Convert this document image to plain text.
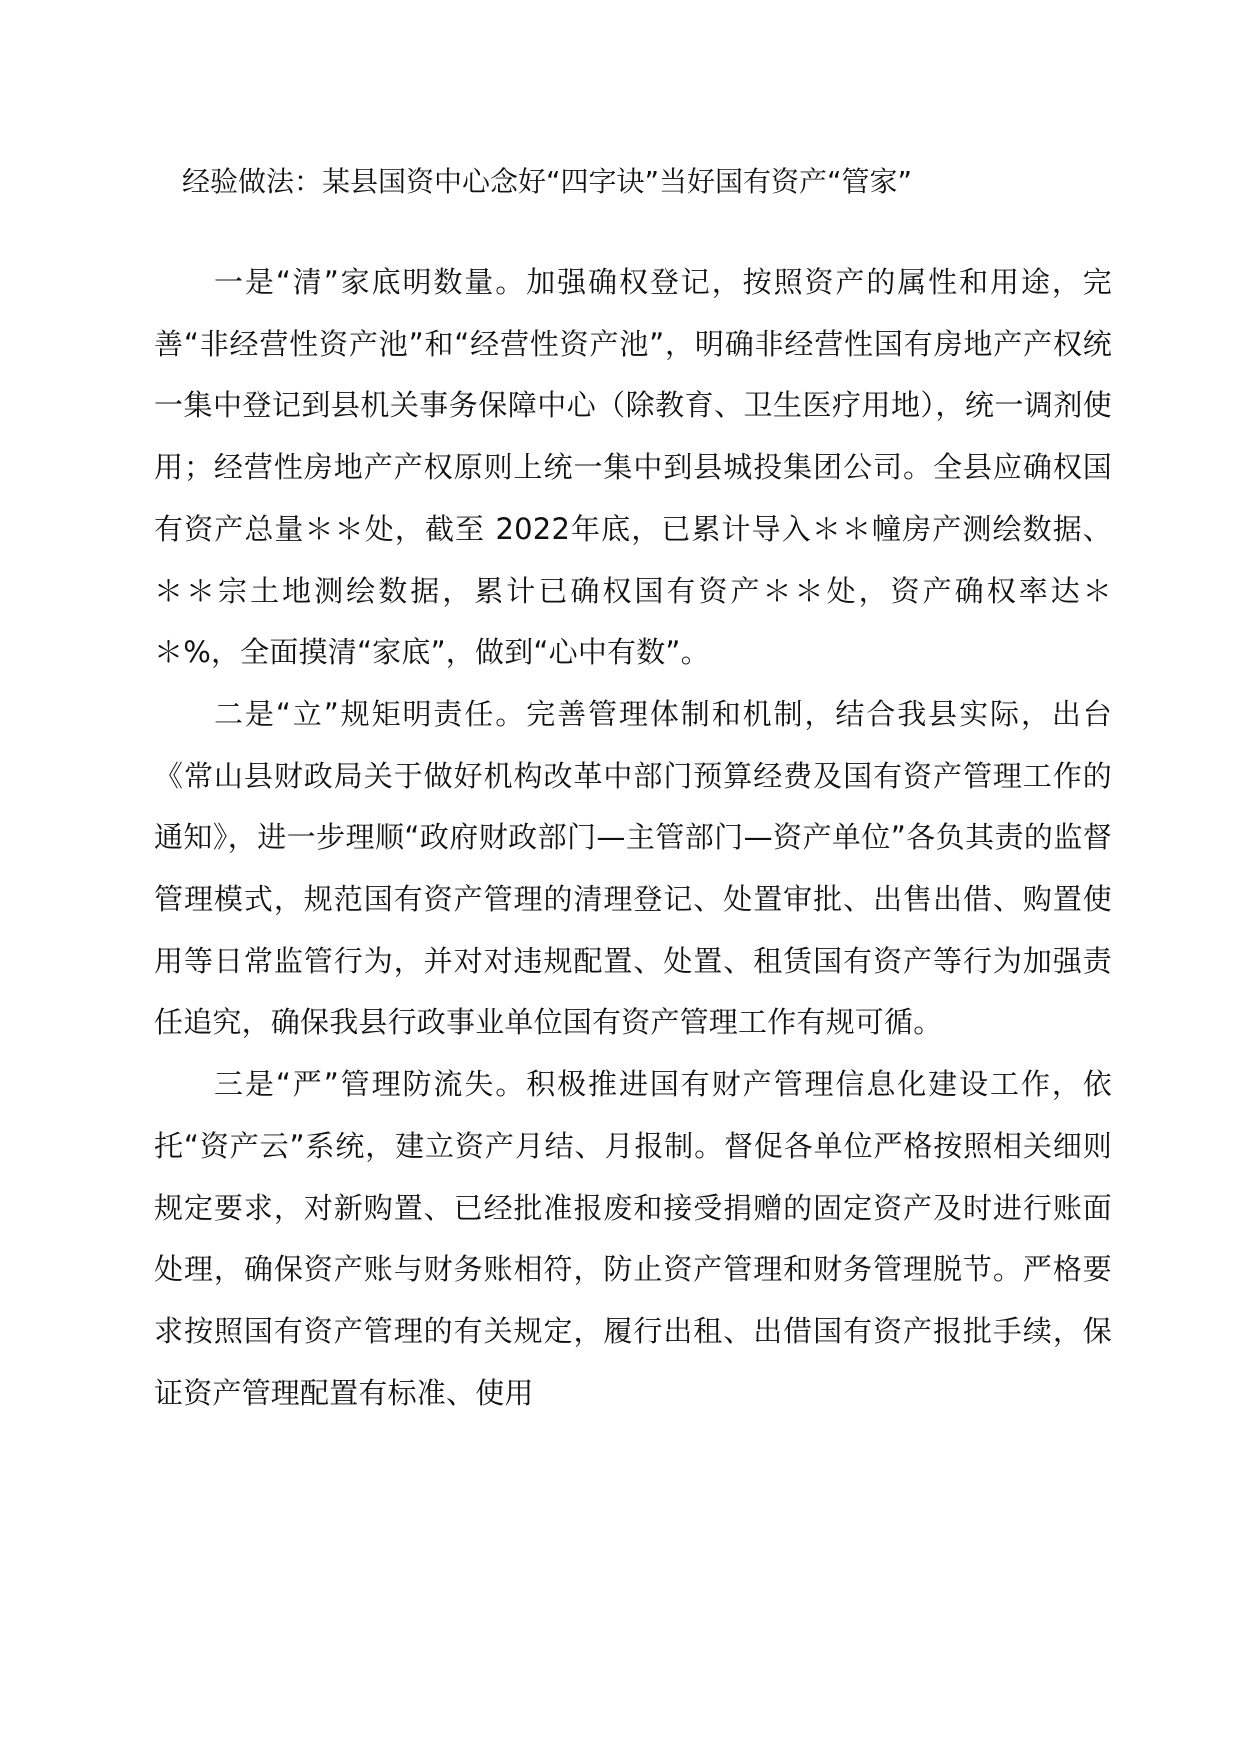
经验做法：某县国资中心念好“四字诀”当好国有资产“管家”

一是“清”家底明数量。加强确权登记，按照资产的属性和用途，完善“非经营性资产池”和“经营性资产池”，明确非经营性国有房地产产权统一集中登记到县机关事务保障中心（除教育、卫生医疗用地），统一调剂使用；经营性房地产产权原则上统一集中到县城投集团公司。全县应确权国有资产总量＊＊处，截至 2022年底，已累计导入＊＊幢房产测绘数据、＊＊宗土地测绘数据，累计已确权国有资产＊＊处，资产确权率达＊＊%，全面摸清“家底”，做到“心中有数”。

二是“立”规矩明责任。完善管理体制和机制，结合我县实际，出台《常山县财政局关于做好机构改革中部门预算经费及国有资产管理工作的通知》，进一步理顺“政府财政部门—主管部门—资产单位”各负其责的监督管理模式，规范国有资产管理的清理登记、处置审批、出售出借、购置使用等日常监管行为，并对对违规配置、处置、租赁国有资产等行为加强责任追究，确保我县行政事业单位国有资产管理工作有规可循。

三是“严”管理防流失。积极推进国有财产管理信息化建设工作，依托“资产云”系统，建立资产月结、月报制。督促各单位严格按照相关细则规定要求，对新购置、已经批准报废和接受捐赠的固定资产及时进行账面处理，确保资产账与财务账相符，防止资产管理和财务管理脱节。严格要求按照国有资产管理的有关规定，履行出租、出借国有资产报批手续，保证资产管理配置有标准、使用
